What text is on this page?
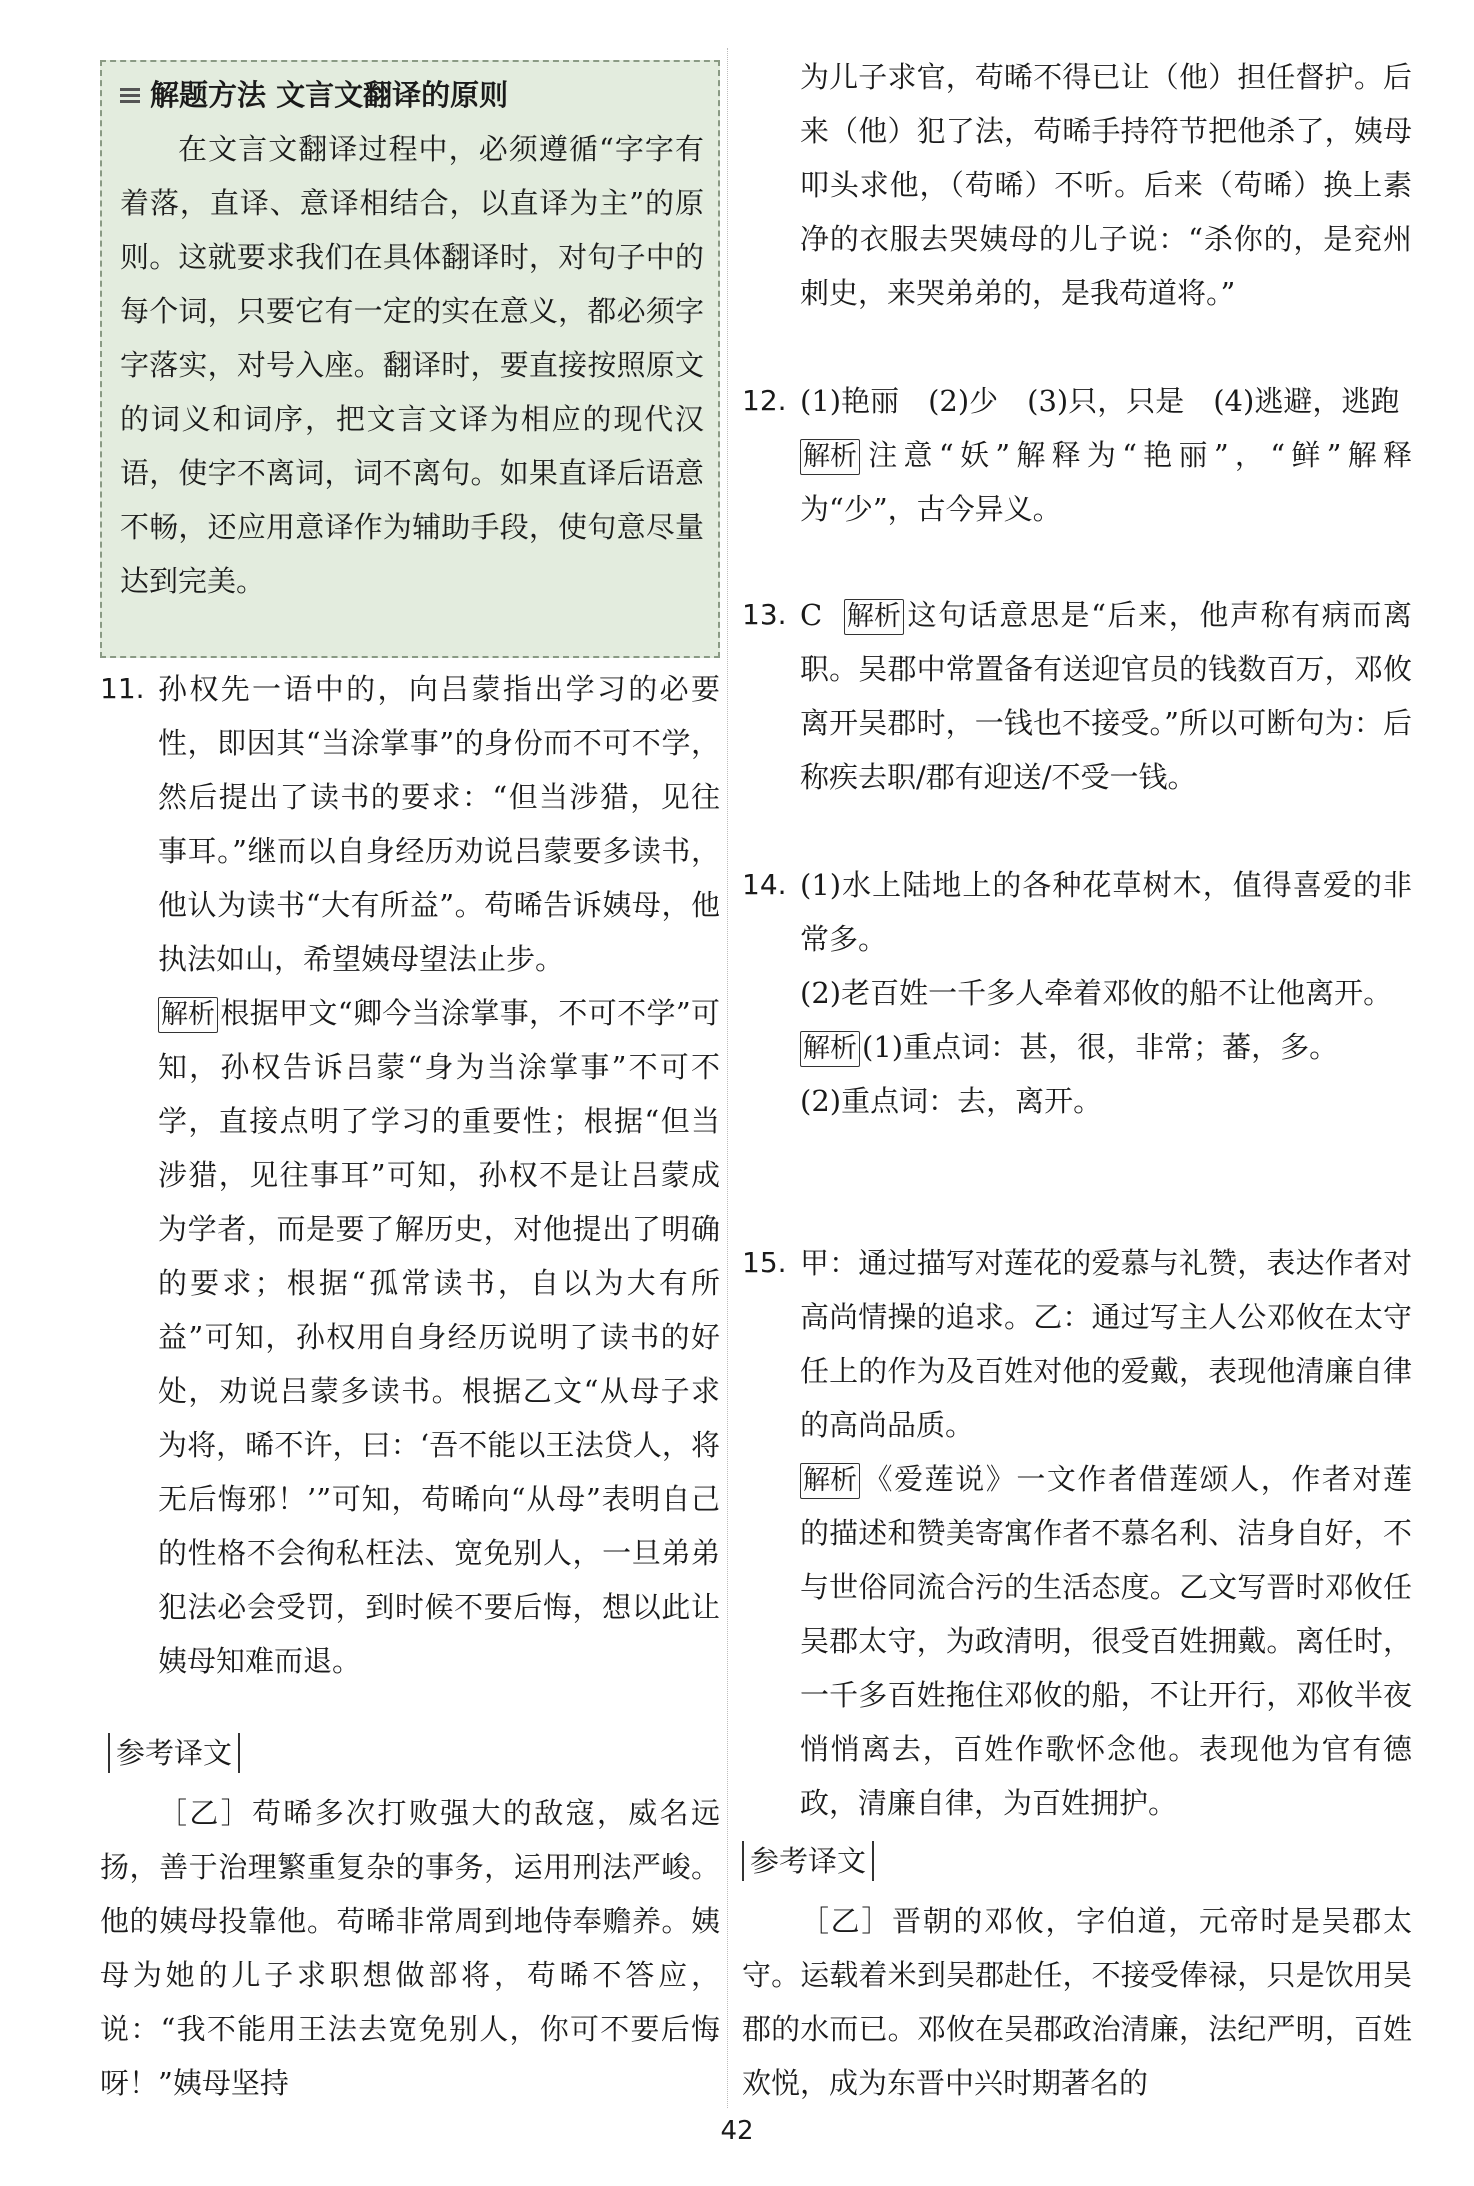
解题方法 文言文翻译的原则

在文言文翻译过程中，必须遵循“字字有着落，直译、意译相结合，以直译为主”的原则。这就要求我们在具体翻译时，对句子中的每个词，只要它有一定的实在意义，都必须字字落实，对号入座。翻译时，要直接按照原文的词义和词序，把文言文译为相应的现代汉语，使字不离词，词不离句。如果直译后语意不畅，还应用意译作为辅助手段，使句意尽量达到完美。

11. 孙权先一语中的，向吕蒙指出学习的必要性，即因其“当涂掌事”的身份而不可不学，然后提出了读书的要求：“但当涉猎，见往事耳。”继而以自身经历劝说吕蒙要多读书，他认为读书“大有所益”。苟晞告诉姨母，他执法如山，希望姨母望法止步。

解析 根据甲文“卿今当涂掌事，不可不学”可知，孙权告诉吕蒙“身为当涂掌事”不可不学，直接点明了学习的重要性；根据“但当涉猎，见往事耳”可知，孙权不是让吕蒙成为学者，而是要了解历史，对他提出了明确的要求；根据“孤常读书，自以为大有所益”可知，孙权用自身经历说明了读书的好处，劝说吕蒙多读书。根据乙文“从母子求为将，晞不许，曰：‘吾不能以王法贷人，将无后悔邪！’”可知，苟晞向“从母”表明自己的性格不会徇私枉法、宽免别人，一旦弟弟犯法必会受罚，到时候不要后悔，想以此让姨母知难而退。

参考译文

［乙］苟晞多次打败强大的敌寇，威名远扬，善于治理繁重复杂的事务，运用刑法严峻。他的姨母投靠他。苟晞非常周到地侍奉赡养。姨母为她的儿子求职想做部将，苟晞不答应，说：“我不能用王法去宽免别人，你可不要后悔呀！”姨母坚持

为儿子求官，苟晞不得已让（他）担任督护。后来（他）犯了法，苟晞手持符节把他杀了，姨母叩头求他，（苟晞）不听。后来（苟晞）换上素净的衣服去哭姨母的儿子说：“杀你的，是兖州刺史，来哭弟弟的，是我苟道将。”

12. (1)艳丽　(2)少　(3)只，只是　(4)逃避，逃跑

解析 注意“妖”解释为“艳丽”，“鲜”解释为“少”，古今异义。

13. C 解析 这句话意思是“后来，他声称有病而离职。吴郡中常置备有送迎官员的钱数百万，邓攸离开吴郡时，一钱也不接受。”所以可断句为：后称疾去职/郡有迎送/不受一钱。

14. (1)水上陆地上的各种花草树木，值得喜爱的非常多。

(2)老百姓一千多人牵着邓攸的船不让他离开。

解析 (1)重点词：甚，很，非常；蕃，多。

(2)重点词：去，离开。

15. 甲：通过描写对莲花的爱慕与礼赞，表达作者对高尚情操的追求。乙：通过写主人公邓攸在太守任上的作为及百姓对他的爱戴，表现他清廉自律的高尚品质。

解析 《爱莲说》一文作者借莲颂人，作者对莲的描述和赞美寄寓作者不慕名利、洁身自好，不与世俗同流合污的生活态度。乙文写晋时邓攸任吴郡太守，为政清明，很受百姓拥戴。离任时，一千多百姓拖住邓攸的船，不让开行，邓攸半夜悄悄离去，百姓作歌怀念他。表现他为官有德政，清廉自律，为百姓拥护。

参考译文

［乙］晋朝的邓攸，字伯道，元帝时是吴郡太守。运载着米到吴郡赴任，不接受俸禄，只是饮用吴郡的水而已。邓攸在吴郡政治清廉，法纪严明，百姓欢悦，成为东晋中兴时期著名的

42
